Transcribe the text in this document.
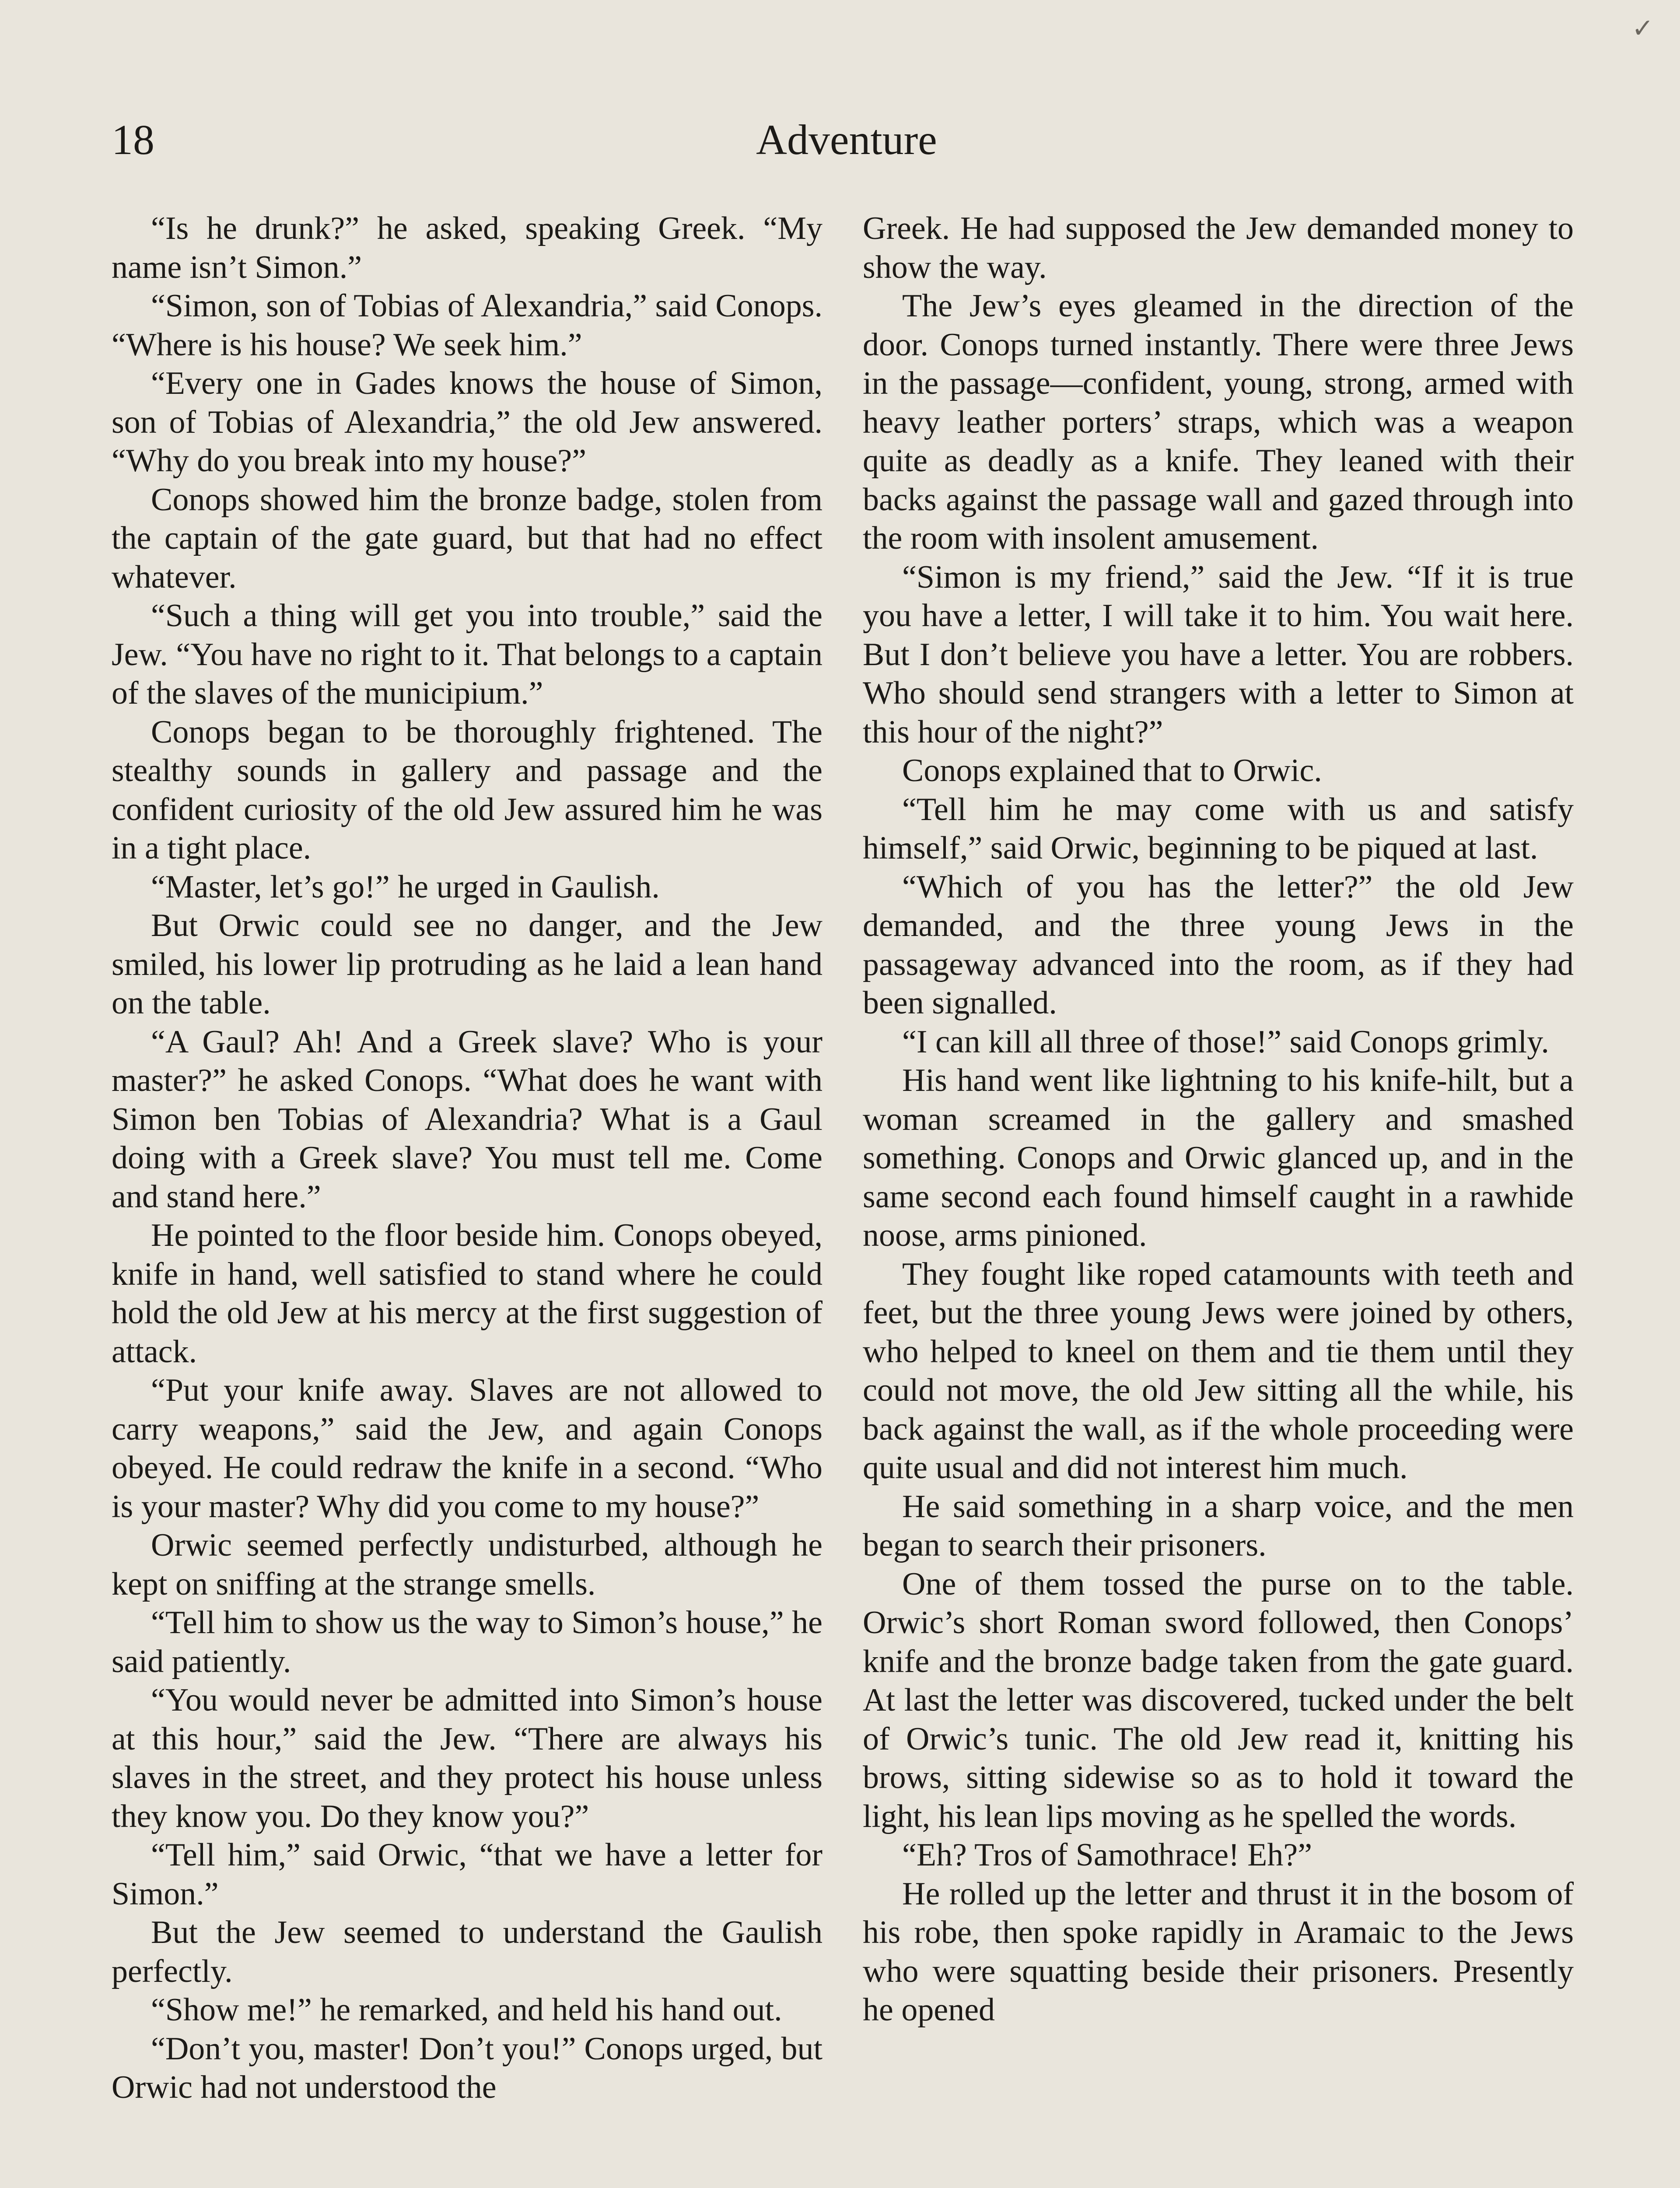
✓
Adventure
18

“Is he drunk?” he asked, speaking Greek. “My name isn’t Simon.”

“Simon, son of Tobias of Alexandria,” said Conops. “Where is his house? We seek him.”

“Every one in Gades knows the house of Simon, son of Tobias of Alexandria,” the old Jew answered. “Why do you break into my house?”

Conops showed him the bronze badge, stolen from the captain of the gate guard, but that had no effect whatever.

“Such a thing will get you into trouble,” said the Jew. “You have no right to it. That belongs to a captain of the slaves of the municipium.”

Conops began to be thoroughly frightened. The stealthy sounds in gallery and passage and the confident curiosity of the old Jew assured him he was in a tight place.

“Master, let’s go!” he urged in Gaulish.

But Orwic could see no danger, and the Jew smiled, his lower lip protruding as he laid a lean hand on the table.

“A Gaul? Ah! And a Greek slave? Who is your master?” he asked Conops. “What does he want with Simon ben Tobias of Alexandria? What is a Gaul doing with a Greek slave? You must tell me. Come and stand here.”

He pointed to the floor beside him. Conops obeyed, knife in hand, well satisfied to stand where he could hold the old Jew at his mercy at the first suggestion of attack.

“Put your knife away. Slaves are not allowed to carry weapons,” said the Jew, and again Conops obeyed. He could redraw the knife in a second. “Who is your master? Why did you come to my house?”

Orwic seemed perfectly undisturbed, although he kept on sniffing at the strange smells.

“Tell him to show us the way to Simon’s house,” he said patiently.

“You would never be admitted into Simon’s house at this hour,” said the Jew. “There are always his slaves in the street, and they protect his house unless they know you. Do they know you?”

“Tell him,” said Orwic, “that we have a letter for Simon.”

But the Jew seemed to understand the Gaulish perfectly.

“Show me!” he remarked, and held his hand out.

“Don’t you, master! Don’t you!” Conops urged, but Orwic had not understood the

Greek. He had supposed the Jew demanded money to show the way.

The Jew’s eyes gleamed in the direction of the door. Conops turned instantly. There were three Jews in the passage—confident, young, strong, armed with heavy leather porters’ straps, which was a weapon quite as deadly as a knife. They leaned with their backs against the passage wall and gazed through into the room with insolent amusement.

“Simon is my friend,” said the Jew. “If it is true you have a letter, I will take it to him. You wait here. But I don’t believe you have a letter. You are robbers. Who should send strangers with a letter to Simon at this hour of the night?”

Conops explained that to Orwic.

“Tell him he may come with us and satisfy himself,” said Orwic, beginning to be piqued at last.

“Which of you has the letter?” the old Jew demanded, and the three young Jews in the passageway advanced into the room, as if they had been signalled.

“I can kill all three of those!” said Conops grimly.

His hand went like lightning to his knife-hilt, but a woman screamed in the gallery and smashed something. Conops and Orwic glanced up, and in the same second each found himself caught in a rawhide noose, arms pinioned.

They fought like roped catamounts with teeth and feet, but the three young Jews were joined by others, who helped to kneel on them and tie them until they could not move, the old Jew sitting all the while, his back against the wall, as if the whole proceeding were quite usual and did not interest him much.

He said something in a sharp voice, and the men began to search their prisoners.

One of them tossed the purse on to the table. Orwic’s short Roman sword followed, then Conops’ knife and the bronze badge taken from the gate guard. At last the letter was discovered, tucked under the belt of Orwic’s tunic. The old Jew read it, knitting his brows, sitting sidewise so as to hold it toward the light, his lean lips moving as he spelled the words.

“Eh? Tros of Samothrace! Eh?”

He rolled up the letter and thrust it in the bosom of his robe, then spoke rapidly in Aramaic to the Jews who were squatting beside their prisoners. Presently he opened
